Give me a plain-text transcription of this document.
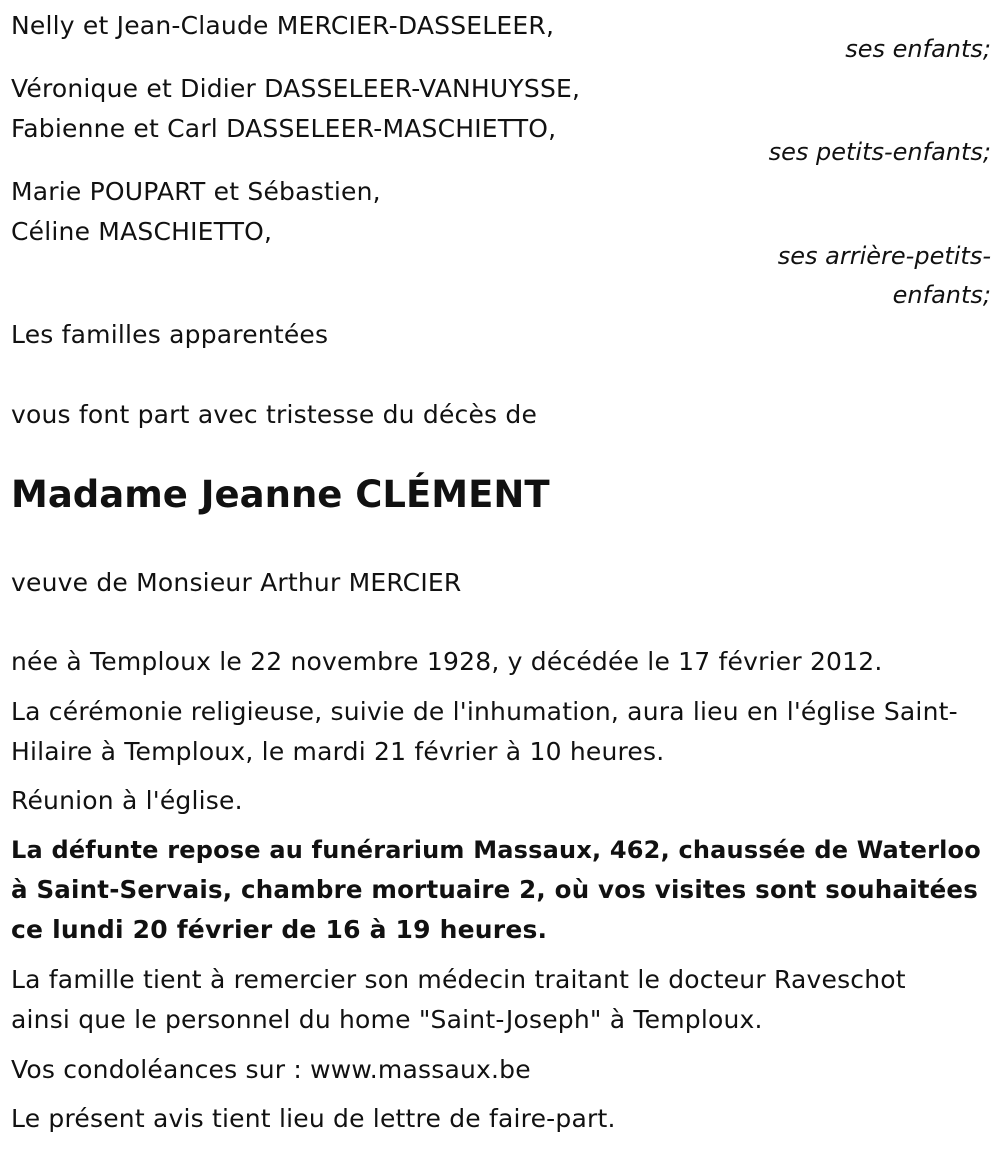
Nelly et Jean-Claude MERCIER-DASSELEER,
ses enfants;
Véronique et Didier DASSELEER-VANHUYSSE,
Fabienne et Carl DASSELEER-MASCHIETTO,
ses petits-enfants;
Marie POUPART et Sébastien,
Céline MASCHIETTO,
ses arrière-petits-
enfants;
Les familles apparentées
vous font part avec tristesse du décès de
Madame Jeanne CLÉMENT
veuve de Monsieur Arthur MERCIER
née à Temploux le 22 novembre 1928, y décédée le 17 février 2012.
La cérémonie religieuse, suivie de l'inhumation, aura lieu en l'église Saint-
Hilaire à Temploux, le mardi 21 février à 10 heures.
Réunion à l'église.
La défunte repose au funérarium Massaux, 462, chaussée de Waterloo
à Saint-Servais, chambre mortuaire 2, où vos visites sont souhaitées
ce lundi 20 février de 16 à 19 heures.
La famille tient à remercier son médecin traitant le docteur Raveschot
ainsi que le personnel du home "Saint-Joseph" à Temploux.
Vos condoléances sur : www.massaux.be
Le présent avis tient lieu de lettre de faire-part.
